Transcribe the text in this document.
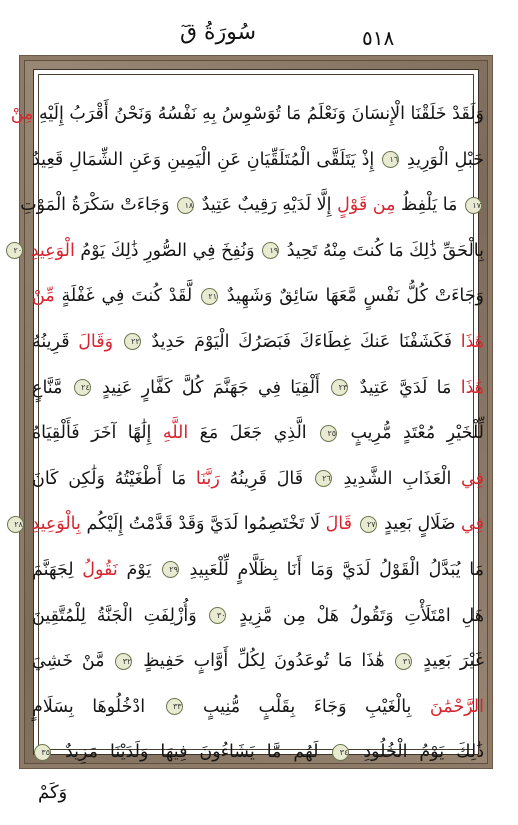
٥١٨
سُورَةُ قٓ
وَلَقَدْ خَلَقْنَا الْإِنسَانَ وَنَعْلَمُ مَا تُوَسْوِسُ بِهِ نَفْسُهُ وَنَحْنُ أَقْرَبُ إِلَيْهِ مِنْ
حَبْلِ الْوَرِيدِ ١٦ إِذْ يَتَلَقَّى الْمُتَلَقِّيَانِ عَنِ الْيَمِينِ وَعَنِ الشِّمَالِ قَعِيدٌ
١٧ مَا يَلْفِظُ مِن قَوْلٍ إِلَّا لَدَيْهِ رَقِيبٌ عَتِيدٌ ١٨ وَجَاءَتْ سَكْرَةُ الْمَوْتِ
بِالْحَقِّ ذَٰلِكَ مَا كُنتَ مِنْهُ تَحِيدُ ١٩ وَنُفِخَ فِي الصُّورِ ذَٰلِكَ يَوْمُ الْوَعِيدِ ٢٠
وَجَاءَتْ كُلُّ نَفْسٍ مَّعَهَا سَائِقٌ وَشَهِيدٌ ٢١ لَّقَدْ كُنتَ فِي غَفْلَةٍ مِّنْ
هَٰذَا فَكَشَفْنَا عَنكَ غِطَاءَكَ فَبَصَرُكَ الْيَوْمَ حَدِيدٌ ٢٢ وَقَالَ قَرِينُهُ
هَٰذَا مَا لَدَيَّ عَتِيدٌ ٢٣ أَلْقِيَا فِي جَهَنَّمَ كُلَّ كَفَّارٍ عَنِيدٍ ٢٤ مَّنَّاعٍ
لِّلْخَيْرِ مُعْتَدٍ مُّرِيبٍ ٢٥ الَّذِي جَعَلَ مَعَ اللَّهِ إِلَٰهًا آخَرَ فَأَلْقِيَاهُ
فِي الْعَذَابِ الشَّدِيدِ ٢٦ قَالَ قَرِينُهُ رَبَّنَا مَا أَطْغَيْتُهُ وَلَٰكِن كَانَ
فِي ضَلَالٍ بَعِيدٍ ٢٧ قَالَ لَا تَخْتَصِمُوا لَدَيَّ وَقَدْ قَدَّمْتُ إِلَيْكُم بِالْوَعِيدِ ٢٨
مَا يُبَدَّلُ الْقَوْلُ لَدَيَّ وَمَا أَنَا بِظَلَّامٍ لِّلْعَبِيدِ ٢٩ يَوْمَ نَقُولُ لِجَهَنَّمَ
هَلِ امْتَلَأْتِ وَتَقُولُ هَلْ مِن مَّزِيدٍ ٣٠ وَأُزْلِفَتِ الْجَنَّةُ لِلْمُتَّقِينَ
غَيْرَ بَعِيدٍ ٣١ هَٰذَا مَا تُوعَدُونَ لِكُلِّ أَوَّابٍ حَفِيظٍ ٣٢ مَّنْ خَشِيَ
الرَّحْمَٰنَ بِالْغَيْبِ وَجَاءَ بِقَلْبٍ مُّنِيبٍ ٣٣ ادْخُلُوهَا بِسَلَامٍ
ذَٰلِكَ يَوْمُ الْخُلُودِ ٣٤ لَهُم مَّا يَشَاءُونَ فِيهَا وَلَدَيْنَا مَزِيدٌ ٣٥
وَكَمْ
